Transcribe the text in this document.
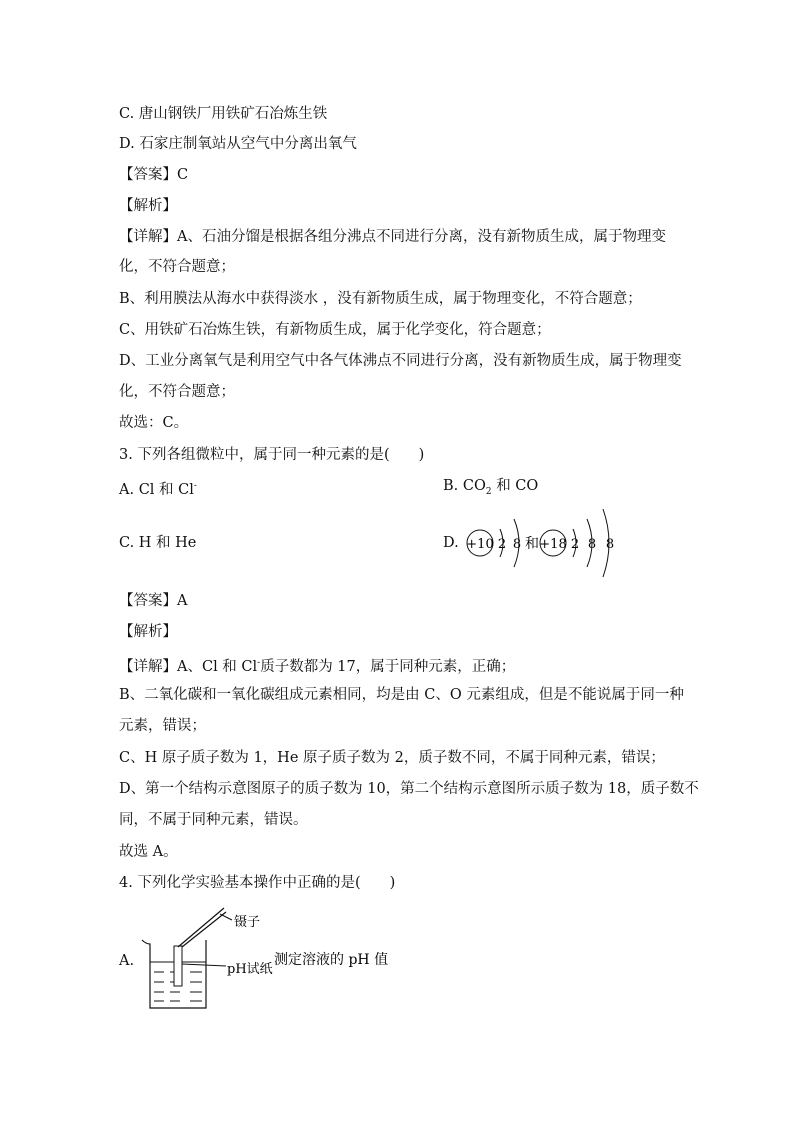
C. 唐山钢铁厂用铁矿石冶炼生铁
D. 石家庄制氧站从空气中分离出氧气
【答案】C
【解析】
【详解】A、石油分馏是根据各组分沸点不同进行分离，没有新物质生成，属于物理变
化，不符合题意；
B、利用膜法从海水中获得淡水 ，没有新物质生成，属于物理变化，不符合题意；
C、用铁矿石冶炼生铁，有新物质生成，属于化学变化，符合题意；
D、工业分离氧气是利用空气中各气体沸点不同进行分离，没有新物质生成，属于物理变
化，不符合题意；
故选：C。
3. 下列各组微粒中，属于同一种元素的是(　　)
A. Cl 和 Cl-	B. $CO_2$ 和 CO
C. H 和 He	D. +10 2 8 和 +18 2 8 8
【答案】A
【解析】
【详解】A、Cl 和 Cl-质子数都为 17，属于同种元素，正确；
B、二氧化碳和一氧化碳组成元素相同，均是由 C、O 元素组成，但是不能说属于同一种
元素，错误；
C、H 原子质子数为 1，He 原子质子数为 2，质子数不同，不属于同种元素，错误；
D、第一个结构示意图原子的质子数为 10，第二个结构示意图所示质子数为 18，质子数不
同，不属于同种元素，错误。
故选 A。
4. 下列化学实验基本操作中正确的是(　　)
A.
镊子
pH试纸
测定溶液的 pH 值
